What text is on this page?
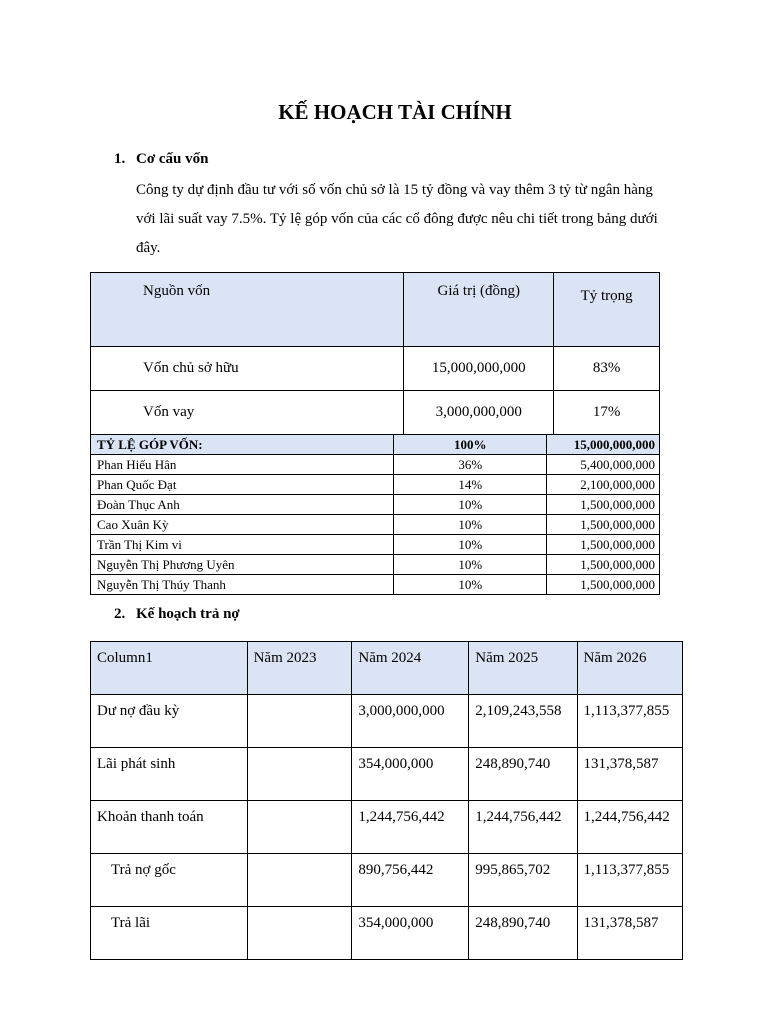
KẾ HOẠCH TÀI CHÍNH
1. Cơ cấu vốn
Công ty dự định đầu tư với số vốn chủ sở là 15 tỷ đồng và vay thêm 3 tỷ từ ngân hàng với lãi suất vay 7.5%. Tỷ lệ góp vốn của các cổ đông được nêu chi tiết trong bảng dưới đây.
Nguồn vốn	Giá trị (đồng)	Tỷ trọng

Vốn chủ sở hữu	15,000,000,000	83%
Vốn vay	3,000,000,000	17%
TỶ LỆ GÓP VỐN:	100%	15,000,000,000
Phan Hiếu Hân	36%	5,400,000,000
Phan Quốc Đạt	14%	2,100,000,000
Đoàn Thục Anh	10%	1,500,000,000
Cao Xuân Kỳ	10%	1,500,000,000
Trần Thị Kim vi	10%	1,500,000,000
Nguyễn Thị Phương Uyên	10%	1,500,000,000
Nguyễn Thị Thúy Thanh	10%	1,500,000,000
2. Kế hoạch trả nợ
Column1	Năm 2023	Năm 2024	Năm 2025	Năm 2026
Dư nợ đầu kỳ		3,000,000,000	2,109,243,558	1,113,377,855
Lãi phát sinh		354,000,000	248,890,740	131,378,587
Khoản thanh toán		1,244,756,442	1,244,756,442	1,244,756,442
Trả nợ gốc		890,756,442	995,865,702	1,113,377,855
Trả lãi		354,000,000	248,890,740	131,378,587
